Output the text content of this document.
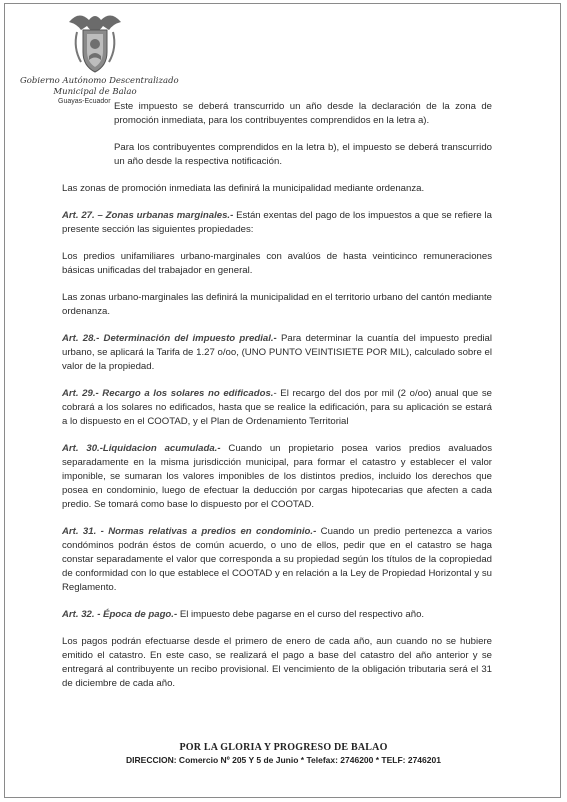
Gobierno Autónomo Descentralizado
Municipal de Balao
Guayas-Ecuador Este impuesto se deberá transcurrido un año desde la declaración de la zona de promoción inmediata, para los contribuyentes comprendidos en la letra a).

Para los contribuyentes comprendidos en la letra b), el impuesto se deberá transcurrido un año desde la respectiva notificación.

Las zonas de promoción inmediata las definirá la municipalidad mediante ordenanza.

Art. 27. – Zonas urbanas marginales.- Están exentas del pago de los impuestos a que se refiere la presente sección las siguientes propiedades:

Los predios unifamiliares urbano-marginales con avalúos de hasta veinticinco remuneraciones básicas unificadas del trabajador en general.

Las zonas urbano-marginales las definirá la municipalidad en el territorio urbano del cantón mediante ordenanza.

Art. 28.- Determinación del impuesto predial.- Para determinar la cuantía del impuesto predial urbano, se aplicará la Tarifa de 1.27 o/oo, (UNO PUNTO VEINTISIETE POR MIL), calculado sobre el valor de la propiedad.

Art. 29.- Recargo a los solares no edificados.- El recargo del dos por mil (2 o/oo) anual que se cobrará a los solares no edificados, hasta que se realice la edificación, para su aplicación se estará a lo dispuesto en el COOTAD, y el Plan de Ordenamiento Territorial

Art. 30.-Liquidacion acumulada.- Cuando un propietario posea varios predios avaluados separadamente en la misma jurisdicción municipal, para formar el catastro y establecer el valor imponible, se sumaran los valores imponibles de los distintos predios, incluido los derechos que posea en condominio, luego de efectuar la deducción por cargas hipotecarias que afecten a cada predio. Se tomará como base lo dispuesto por el COOTAD.

Art. 31. - Normas relativas a predios en condominio.- Cuando un predio pertenezca a varios condóminos podrán éstos de común acuerdo, o uno de ellos, pedir que en el catastro se haga constar separadamente el valor que corresponda a su propiedad según los títulos de la copropiedad de conformidad con lo que establece el COOTAD y en relación a la Ley de Propiedad Horizontal y su Reglamento.

Art. 32. - Época de pago.- El impuesto debe pagarse en el curso del respectivo año.

Los pagos podrán efectuarse desde el primero de enero de cada año, aun cuando no se hubiere emitido el catastro. En este caso, se realizará el pago a base del catastro del año anterior y se entregará al contribuyente un recibo provisional. El vencimiento de la obligación tributaria será el 31 de diciembre de cada año.

POR LA GLORIA Y PROGRESO DE BALAO
DIRECCION: Comercio Nº 205 Y 5 de Junio * Telefax: 2746200 * TELF: 2746201
